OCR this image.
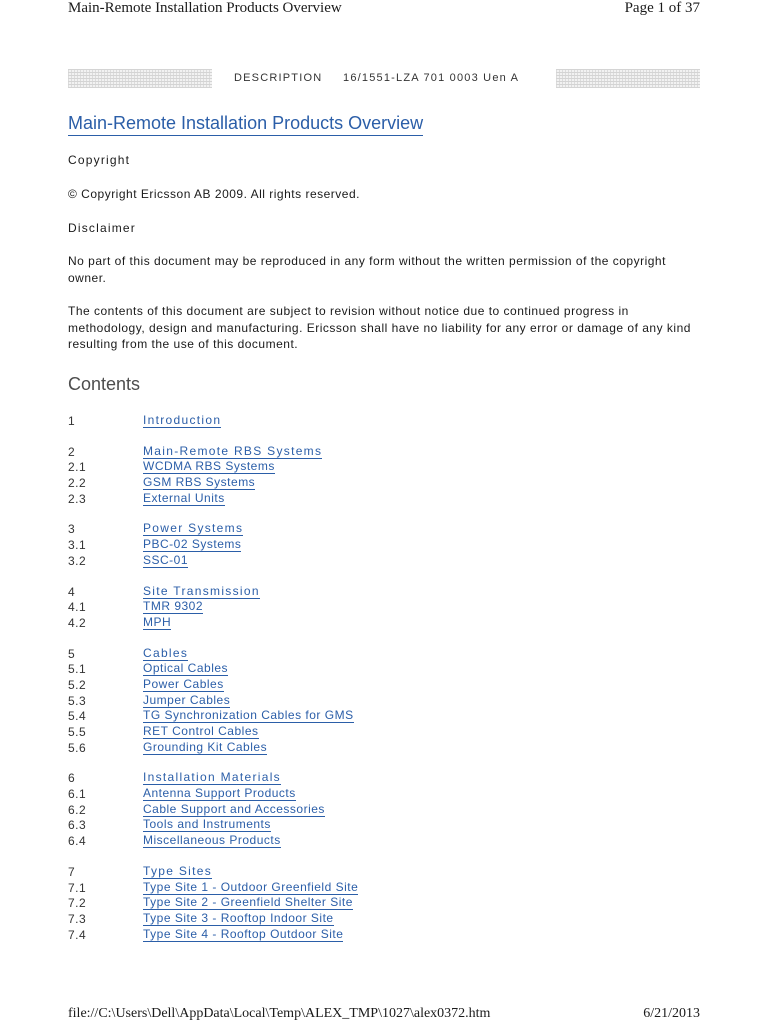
Main-Remote Installation Products Overview	Page 1 of 37
DESCRIPTION 16/1551-LZA 701 0003 Uen A
Main-Remote Installation Products Overview

Copyright

© Copyright Ericsson AB 2009. All rights reserved.

Disclaimer

No part of this document may be reproduced in any form without the written permission of the copyright owner.

The contents of this document are subject to revision without notice due to continued progress in methodology, design and manufacturing. Ericsson shall have no liability for any error or damage of any kind resulting from the use of this document.

Contents
1	Introduction
2	Main-Remote RBS Systems
2.1	WCDMA RBS Systems
2.2	GSM RBS Systems
2.3	External Units
3	Power Systems
3.1	PBC-02 Systems
3.2	SSC-01
4	Site Transmission
4.1	TMR 9302
4.2	MPH
5	Cables
5.1	Optical Cables
5.2	Power Cables
5.3	Jumper Cables
5.4	TG Synchronization Cables for GMS
5.5	RET Control Cables
5.6	Grounding Kit Cables
6	Installation Materials
6.1	Antenna Support Products
6.2	Cable Support and Accessories
6.3	Tools and Instruments
6.4	Miscellaneous Products
7	Type Sites
7.1	Type Site 1 - Outdoor Greenfield Site
7.2	Type Site 2 - Greenfield Shelter Site
7.3	Type Site 3 - Rooftop Indoor Site
7.4	Type Site 4 - Rooftop Outdoor Site
file://C:\Users\Dell\AppData\Local\Temp\ALEX_TMP\1027\alex0372.htm	6/21/2013
